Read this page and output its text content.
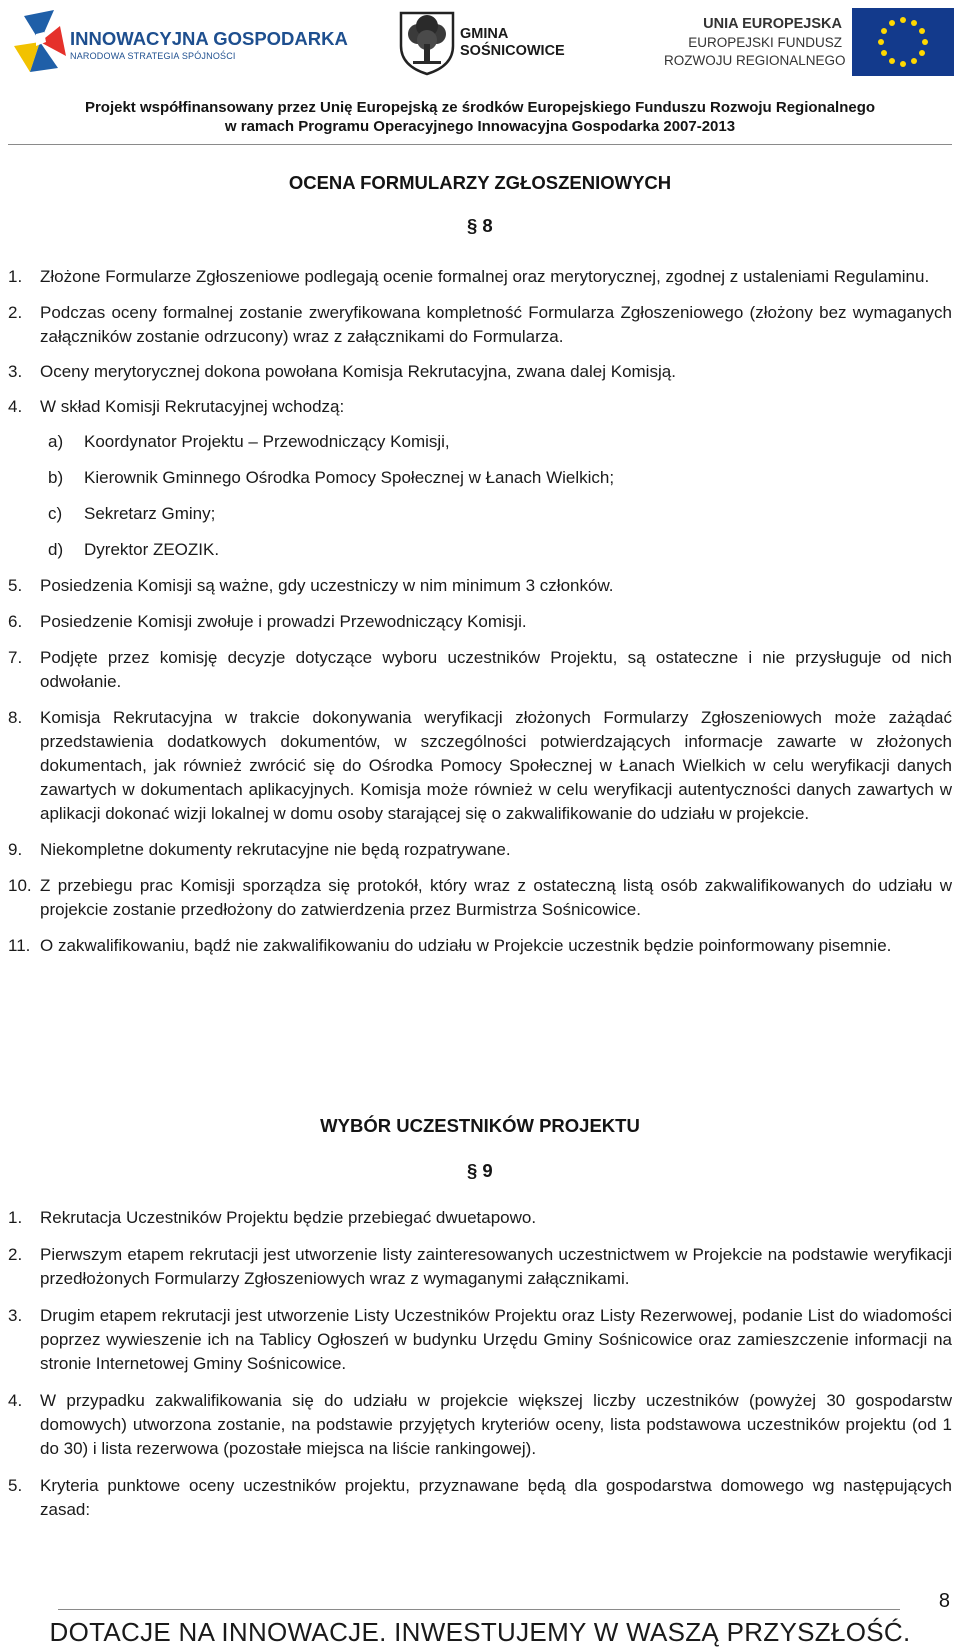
INNOWACYJNA GOSPODARKA
NARODOWA STRATEGIA SPÓJNOŚCI
GMINA
SOŚNICOWICE
UNIA EUROPEJSKA
EUROPEJSKI FUNDUSZ
ROZWOJU REGIONALNEGO
Projekt współfinansowany przez Unię Europejską ze środków Europejskiego Funduszu Rozwoju Regionalnego
w ramach Programu Operacyjnego Innowacyjna Gospodarka 2007-2013
OCENA FORMULARZY ZGŁOSZENIOWYCH
§ 8
1.	Złożone Formularze Zgłoszeniowe podlegają ocenie formalnej oraz merytorycznej, zgodnej z ustaleniami Regulaminu.
2.	Podczas oceny formalnej zostanie zweryfikowana kompletność Formularza Zgłoszeniowego (złożony bez wymaganych załączników zostanie odrzucony) wraz z załącznikami do Formularza.
3.	Oceny merytorycznej dokona powołana Komisja Rekrutacyjna, zwana dalej Komisją.
4.	W skład Komisji Rekrutacyjnej wchodzą:
a)	Koordynator Projektu – Przewodniczący Komisji,
b)	Kierownik Gminnego Ośrodka Pomocy Społecznej w Łanach Wielkich;
c)	Sekretarz Gminy;
d)	Dyrektor ZEOZIK.
5.	Posiedzenia Komisji są ważne, gdy uczestniczy w nim minimum 3 członków.
6.	Posiedzenie Komisji zwołuje i prowadzi Przewodniczący Komisji.
7.	Podjęte przez komisję decyzje dotyczące wyboru uczestników Projektu, są ostateczne i nie przysługuje od nich odwołanie.
8.	Komisja Rekrutacyjna w trakcie dokonywania weryfikacji złożonych Formularzy Zgłoszeniowych może zażądać przedstawienia dodatkowych dokumentów, w szczególności potwierdzających informacje zawarte w złożonych dokumentach, jak również zwrócić się do Ośrodka Pomocy Społecznej w Łanach Wielkich w celu weryfikacji danych zawartych w dokumentach aplikacyjnych. Komisja może również w celu weryfikacji autentyczności danych zawartych w aplikacji dokonać wizji lokalnej w domu osoby starającej się o zakwalifikowanie do udziału w projekcie.
9.	Niekompletne dokumenty rekrutacyjne nie będą rozpatrywane.
10. Z przebiegu prac Komisji sporządza się protokół, który wraz z ostateczną listą osób zakwalifikowanych do udziału w projekcie zostanie przedłożony do zatwierdzenia przez Burmistrza Sośnicowice.
11. O zakwalifikowaniu, bądź nie zakwalifikowaniu do udziału w Projekcie uczestnik będzie poinformowany pisemnie.
WYBÓR UCZESTNIKÓW PROJEKTU
§ 9
1.	Rekrutacja Uczestników Projektu będzie przebiegać dwuetapowo.
2.	Pierwszym etapem rekrutacji jest utworzenie listy zainteresowanych uczestnictwem w Projekcie na podstawie weryfikacji przedłożonych Formularzy Zgłoszeniowych wraz z wymaganymi załącznikami.
3.	Drugim etapem rekrutacji jest utworzenie Listy Uczestników Projektu oraz Listy Rezerwowej, podanie List do wiadomości poprzez wywieszenie ich na Tablicy Ogłoszeń w budynku Urzędu Gminy Sośnicowice oraz zamieszczenie informacji na stronie Internetowej Gminy Sośnicowice.
4.	W przypadku zakwalifikowania się do udziału w projekcie większej liczby uczestników (powyżej 30 gospodarstw domowych) utworzona zostanie, na podstawie przyjętych kryteriów oceny, lista podstawowa uczestników projektu (od 1 do 30) i lista rezerwowa (pozostałe miejsca na liście rankingowej).
5.	Kryteria punktowe oceny uczestników projektu, przyznawane będą dla gospodarstwa domowego wg następujących zasad:
8
DOTACJE NA INNOWACJE. INWESTUJEMY W WASZĄ PRZYSZŁOŚĆ.
